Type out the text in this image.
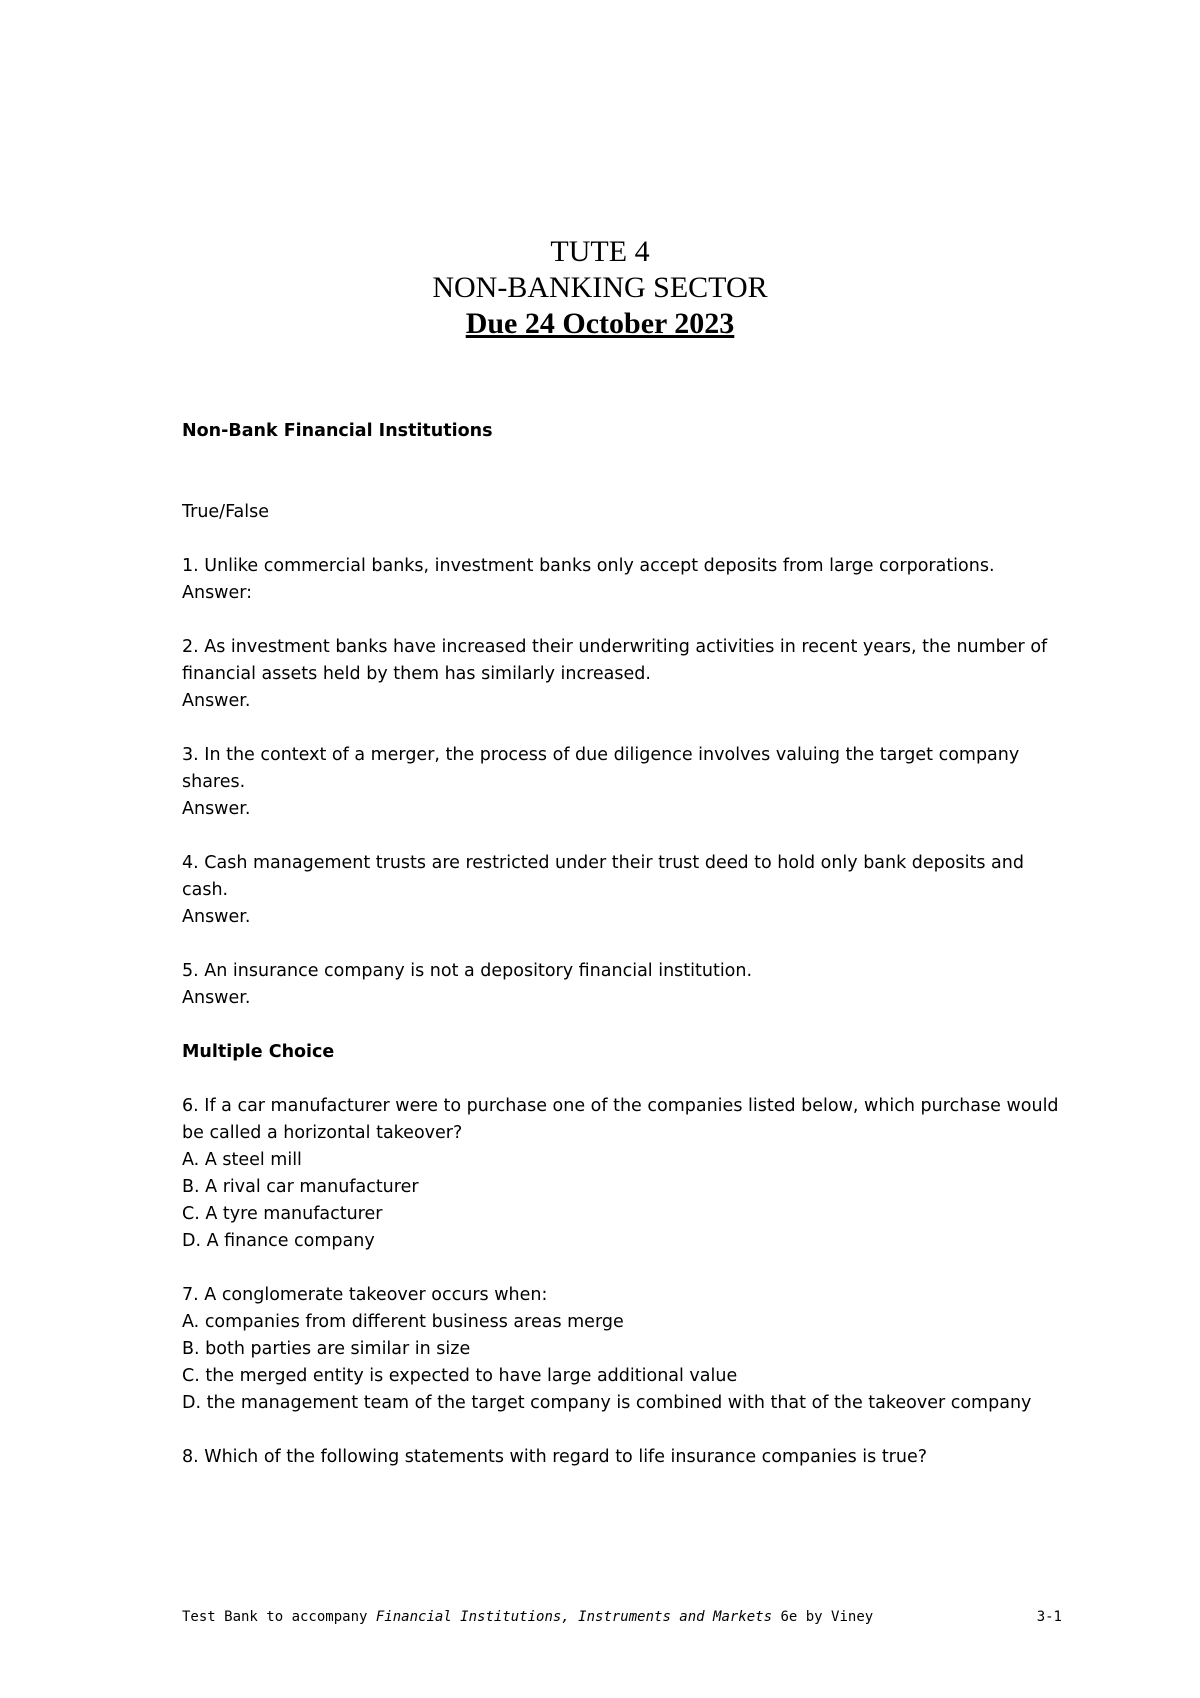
TUTE 4
NON-BANKING SECTOR
Due 24 October 2023

Non-Bank Financial Institutions

True/False

1. Unlike commercial banks, investment banks only accept deposits from large corporations.

Answer:

2. As investment banks have increased their underwriting activities in recent years, the number of financial assets held by them has similarly increased.

Answer.

3. In the context of a merger, the process of due diligence involves valuing the target company shares.

Answer.

4. Cash management trusts are restricted under their trust deed to hold only bank deposits and cash.

Answer.

5. An insurance company is not a depository financial institution.

Answer.

Multiple Choice

6. If a car manufacturer were to purchase one of the companies listed below, which purchase would be called a horizontal takeover?

A. A steel mill

B. A rival car manufacturer

C. A tyre manufacturer

D. A finance company

7. A conglomerate takeover occurs when:

A. companies from different business areas merge

B. both parties are similar in size

C. the merged entity is expected to have large additional value

D. the management team of the target company is combined with that of the takeover company

8. Which of the following statements with regard to life insurance companies is true?

Test Bank to accompany Financial Institutions, Instruments and Markets 6e by Viney	3-1
